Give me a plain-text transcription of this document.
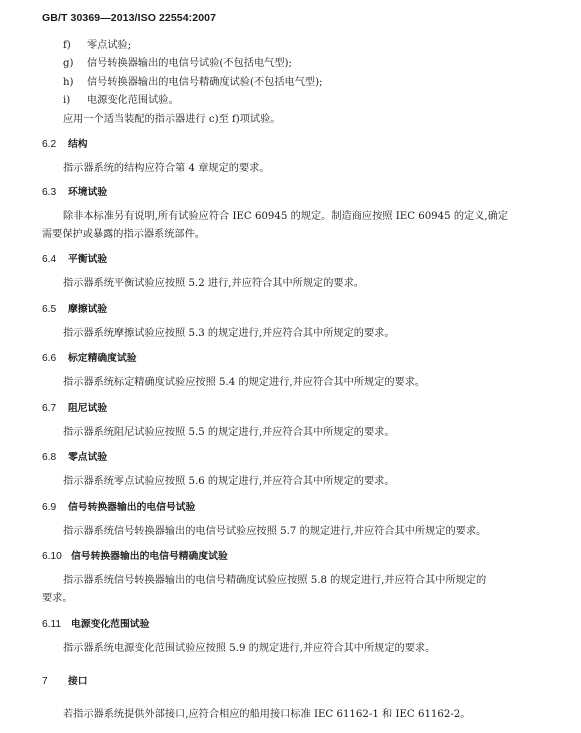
GB/T 30369—2013/ISO 22554:2007
f) 零点试验;
g) 信号转换器输出的电信号试验(不包括电气型);
h) 信号转换器输出的电信号精确度试验(不包括电气型);
i) 电源变化范围试验。
应用一个适当装配的指示器进行 c)至 f)项试验。
6.2 结构
指示器系统的结构应符合第 4 章规定的要求。
6.3 环境试验
除非本标准另有说明,所有试验应符合 IEC 60945 的规定。制造商应按照 IEC 60945 的定义,确定
需要保护或暴露的指示器系统部件。
6.4 平衡试验
指示器系统平衡试验应按照 5.2 进行,并应符合其中所规定的要求。
6.5 摩擦试验
指示器系统摩擦试验应按照 5.3 的规定进行,并应符合其中所规定的要求。
6.6 标定精确度试验
指示器系统标定精确度试验应按照 5.4 的规定进行,并应符合其中所规定的要求。
6.7 阻尼试验
指示器系统阻尼试验应按照 5.5 的规定进行,并应符合其中所规定的要求。
6.8 零点试验
指示器系统零点试验应按照 5.6 的规定进行,并应符合其中所规定的要求。
6.9 信号转换器输出的电信号试验
指示器系统信号转换器输出的电信号试验应按照 5.7 的规定进行,并应符合其中所规定的要求。
6.10 信号转换器输出的电信号精确度试验
指示器系统信号转换器输出的电信号精确度试验应按照 5.8 的规定进行,并应符合其中所规定的
要求。
6.11 电源变化范围试验
指示器系统电源变化范围试验应按照 5.9 的规定进行,并应符合其中所规定的要求。
7 接口
若指示器系统提供外部接口,应符合相应的船用接口标准 IEC 61162-1 和 IEC 61162-2。
